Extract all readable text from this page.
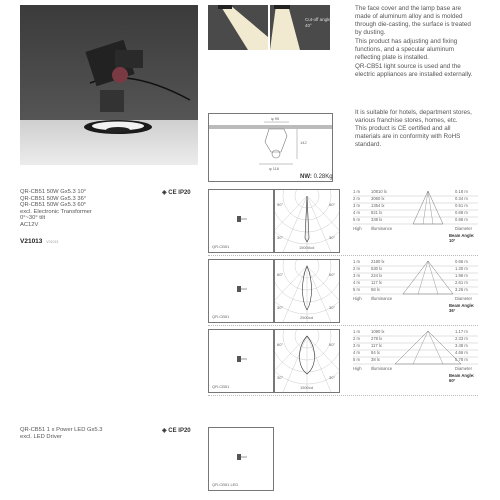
Cut-off angle
40°
The face cover and the lamp base are made of aluminum alloy and is molded through die-casting, the surface is treated by dusting.
This product has adjusting and fixing functions, and a specular aluminum reflecting plate is installed.
QR-CB51 light source is used and the electric appliances are installed externally.
It is suitable for hotels, department stores, various franchise stores, homes, etc.
This product is CE certified and all materials are in conformity with RoHS standard.
φ 95
φ 116
142
NW: 0.28Kg
QR-CB51 50W Gx5.3 10°
QR-CB51 50W Gx5.3 36°
QR-CB51 50W Gx5.3 60°
excl. Electronic Transformer
0°~30° tilt
AC12V
V21013 V21013
◈ CE IP20
QR-CB51
90°	60°
30°	30°
15000cd
QR-CB51
60°	60°
30°	30°
2500cd
QR-CB51
60°	60°
30°	30°
1500cd
1 m	10810 lx	0.18 m
2 m	3060 lx	0.34 m
3 m	1354 lx	0.51 m
4 m	821 lx	0.68 m
5 m	338 lx	0.86 m
High Illuminance	Diameter
Beam Angle: 10°
1 m	2180 lx	0.66 m
2 m	530 lx	1.30 m
3 m	224 lx	1.96 m
4 m	117 lx	2.61 m
5 m	58 lx	3.26 m
High Illuminance	Diameter
Beam Angle: 36°
1 m	1090 lx	1.17 m
2 m	278 lx	2.33 m
3 m	117 lx	3.48 m
4 m	84 lx	4.66 m
5 m	38 lx	5.78 m
High Illuminance	Diameter
Beam Angle: 60°
QR-CB51 1 x Power LED Gx5.3
excl. LED Driver
◈ CE IP20
QR-CB51 LED
